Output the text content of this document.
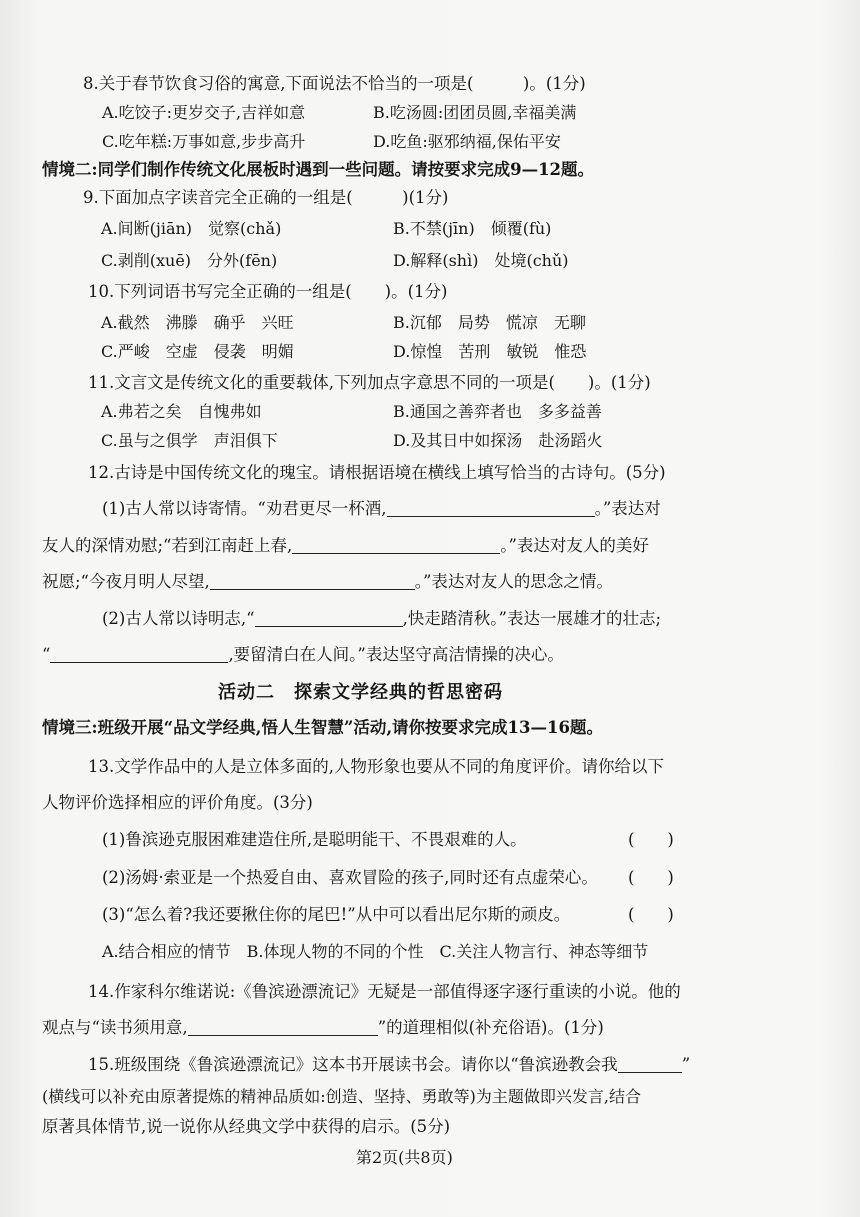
8.关于春节饮食习俗的寓意,下面说法不恰当的一项是(　　　)。(1分)
A.吃饺子:更岁交子,吉祥如意	B.吃汤圆:团团员圆,幸福美满
C.吃年糕:万事如意,步步高升	D.吃鱼:驱邪纳福,保佑平安
情境二:同学们制作传统文化展板时遇到一些问题。请按要求完成9—12题。
9.下面加点字读音完全正确的一组是(　　　)(1分)
A.间断(jiān)　觉察(chǎ)	B.不禁(jīn)　倾覆(fù)
C.剥削(xuē)　分外(fēn)	D.解释(shì)　处境(chǔ)
10.下列词语书写完全正确的一组是(　　)。(1分)
A.截然　沸滕　确乎　兴旺	B.沉郁　局势　慌凉　无聊
C.严峻　空虚　侵袭　明媚	D.惊惶　苦刑　敏锐　惟恐
11.文言文是传统文化的重要载体,下列加点字意思不同的一项是(　　)。(1分)
A.弗若之矣　自愧弗如	B.通国之善弈者也　多多益善
C.虽与之俱学　声泪俱下	D.及其日中如探汤　赴汤蹈火
12.古诗是中国传统文化的瑰宝。请根据语境在横线上填写恰当的古诗句。(5分)
(1)古人常以诗寄情。“劝君更尽一杯酒,	。”表达对
友人的深情劝慰;“若到江南赶上春,	。”表达对友人的美好
祝愿;“今夜月明人尽望,	。”表达对友人的思念之情。
(2)古人常以诗明志,“	,快走踏清秋。”表达一展雄才的壮志;
“	,要留清白在人间。”表达坚守高洁情操的决心。
活动二　探索文学经典的哲思密码
情境三:班级开展“品文学经典,悟人生智慧”活动,请你按要求完成13—16题。
13.文学作品中的人是立体多面的,人物形象也要从不同的角度评价。请你给以下
人物评价选择相应的评价角度。(3分)
(1)鲁滨逊克服困难建造住所,是聪明能干、不畏艰难的人。	(　　)
(2)汤姆·索亚是一个热爱自由、喜欢冒险的孩子,同时还有点虚荣心。	(　　)
(3)“怎么着?我还要揪住你的尾巴!”从中可以看出尼尔斯的顽皮。	(　　)
A.结合相应的情节　B.体现人物的不同的个性　C.关注人物言行、神态等细节
14.作家科尔维诺说:《鲁滨逊漂流记》无疑是一部值得逐字逐行重读的小说。他的
观点与“读书须用意,	”的道理相似(补充俗语)。(1分)
15.班级围绕《鲁滨逊漂流记》这本书开展读书会。请你以“鲁滨逊教会我	”
(横线可以补充由原著提炼的精神品质如:创造、坚持、勇敢等)为主题做即兴发言,结合
原著具体情节,说一说你从经典文学中获得的启示。(5分)
第2页(共8页)
